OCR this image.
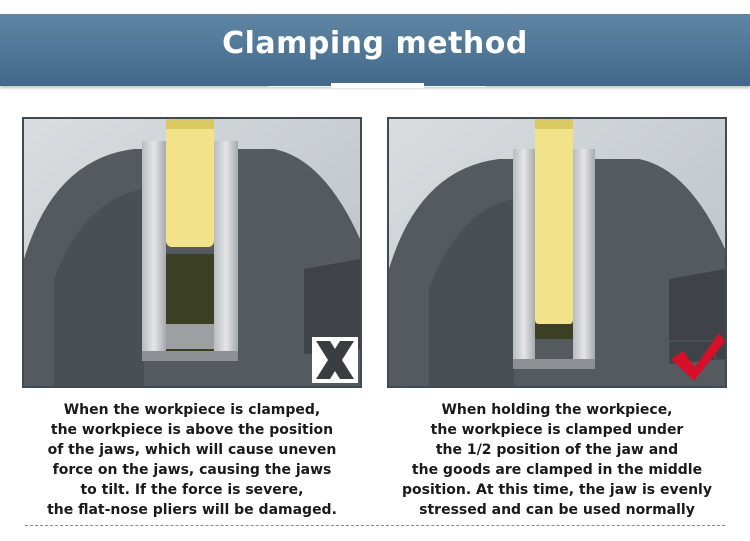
Clamping method
When the workpiece is clamped,
the workpiece is above the position
of the jaws, which will cause uneven
force on the jaws, causing the jaws
to tilt. If the force is severe,
the flat-nose pliers will be damaged.
When holding the workpiece,
the workpiece is clamped under
the 1/2 position of the jaw and
the goods are clamped in the middle
position. At this time, the jaw is evenly
stressed and can be used normally
